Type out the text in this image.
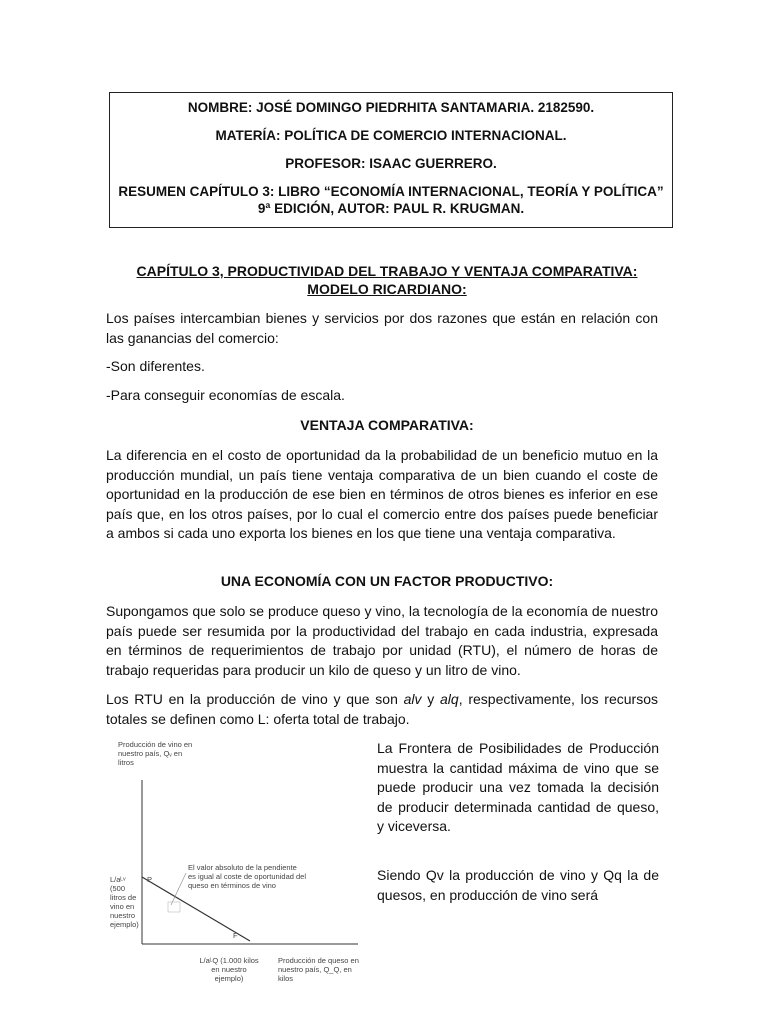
NOMBRE: JOSÉ DOMINGO PIEDRHITA SANTAMARIA. 2182590.
MATERÍA: POLÍTICA DE COMERCIO INTERNACIONAL.
PROFESOR: ISAAC GUERRERO.
RESUMEN CAPÍTULO 3: LIBRO “ECONOMÍA INTERNACIONAL, TEORÍA Y POLÍTICA” 9ª EDICIÓN, AUTOR: PAUL R. KRUGMAN.
CAPÍTULO 3, PRODUCTIVIDAD DEL TRABAJO Y VENTAJA COMPARATIVA: MODELO RICARDIANO:
Los países intercambian bienes y servicios por dos razones que están en relación con las ganancias del comercio:
-Son diferentes.
-Para conseguir economías de escala.
VENTAJA COMPARATIVA:
La diferencia en el costo de oportunidad da la probabilidad de un beneficio mutuo en la producción mundial, un país tiene ventaja comparativa de un bien cuando el coste de oportunidad en la producción de ese bien en términos de otros bienes es inferior en ese país que, en los otros países, por lo cual el comercio entre dos países puede beneficiar a ambos si cada uno exporta los bienes en los que tiene una ventaja comparativa.
UNA ECONOMÍA CON UN FACTOR PRODUCTIVO:
Supongamos que solo se produce queso y vino, la tecnología de la economía de nuestro país puede ser resumida por la productividad del trabajo en cada industria, expresada en términos de requerimientos de trabajo por unidad (RTU), el número de horas de trabajo requeridas para producir un kilo de queso y un litro de vino.
Los RTU en la producción de vino y que son alv y alq, respectivamente, los recursos totales se definen como L: oferta total de trabajo.
La Frontera de Posibilidades de Producción muestra la cantidad máxima de vino que se puede producir una vez tomada la decisión de producir determinada cantidad de queso, y viceversa.
Siendo Qv la producción de vino y Qq la de quesos, en producción de vino será
Producción de vino en nuestro país, Qᵥ en litros
L/aᴸᵛ (500 litros de vino en nuestro ejemplo)
P
F
El valor absoluto de la pendiente es igual al coste de oportunidad del queso en términos de vino
L/aᴸQ (1.000 kilos en nuestro ejemplo)
Producción de queso en nuestro país, Q_Q, en kilos
